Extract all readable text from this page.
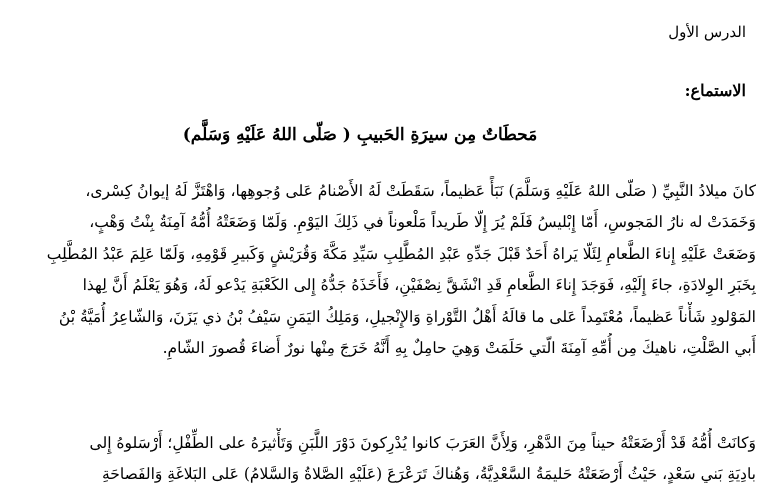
الدرس الأول
الاستماع:
مَحطَاتٌ مِن سيرَةِ الحَبيبِ ( صَلّى اللهُ عَلَيْهِ وَسَلَّم)
كانَ ميلادُ النَّبِيِّ ( صَلّى اللهُ عَلَيْهِ وَسَلَّمَ) نَبَأً عَظيماً، سَقَطَتْ لَهُ الأَصْنامُ عَلى وُجوهِها، وَاهْتَزَّ لَهُ إيوانُ كِسْرى،
وَخَمَدَتْ له نارُ المَجوسِ، أَمّا إِبْليسُ فَلَمْ يُرَ إِلّا طَريداً مَلْعوناً في ذَلِكَ اليَوْمِ. وَلَمّا وَضَعَتْهُ أُمُّهُ آمِنَةُ بِنْتُ وَهْبٍ،
وَضَعَتْ عَلَيْهِ إِناءَ الطَّعامِ لِئَلّا يَراهُ أَحَدٌ قَبْلَ جَدِّهِ عَبْدِ المُطَّلِبِ سَيِّدِ مَكَّةَ وَقُرَيْشٍ وَكَبيرِ قَوْمِهِ، وَلَمّا عَلِمَ عَبْدُ المُطَّلِبِ
بِخَبَرِ الوِلادَةِ، جاءَ إِلَيْهِ، فَوَجَدَ إِناءَ الطَّعامِ قَدِ انْشَقَّ نِصْفَيْنِ، فَأَخَذَهُ جَدُّهُ إِلى الكَعْبَةِ يَدْعو لَهُ، وَهُوَ يَعْلَمُ أَنَّ لِهذا
المَوْلودِ شَأْناً عَظيماً، مُعْتَمِداً عَلى ما قالَهُ أَهْلُ التَّوْراةِ وَالإِنْجيلِ، وَمَلِكُ اليَمَنِ سَيْفُ بْنُ ذي يَزَنَ، وَالشّاعِرُ أُمَيَّةُ بْنُ
أَبي الصَّلْتِ، ناهيكَ مِن أُمِّهِ آمِنَةَ الّتي حَلَمَتْ وَهِيَ حامِلٌ بِهِ أَنَّهُ خَرَجَ مِنْها نورٌ أَضاءَ قُصورَ الشّامِ.
وَكانَتْ أُمُّهُ قَدْ أَرْضَعَتْهُ حيناً مِنَ الدَّهْرِ، وَلِأَنَّ العَرَبَ كانوا يُدْرِكونَ دَوْرَ اللَّبَنِ وَتَأْثيرَهُ على الطِّفْلِ؛ أَرْسَلوهُ إِلى
بادِيَةِ بَني سَعْدٍ، حَيْثُ أَرْضَعَتْهُ حَليمَةُ السَّعْدِيَّةُ، وَهُناكَ تَرَعْرَعَ (عَلَيْهِ الصَّلاةُ وَالسَّلامُ) عَلى البَلاغَةِ وَالفَصاحَةِ
